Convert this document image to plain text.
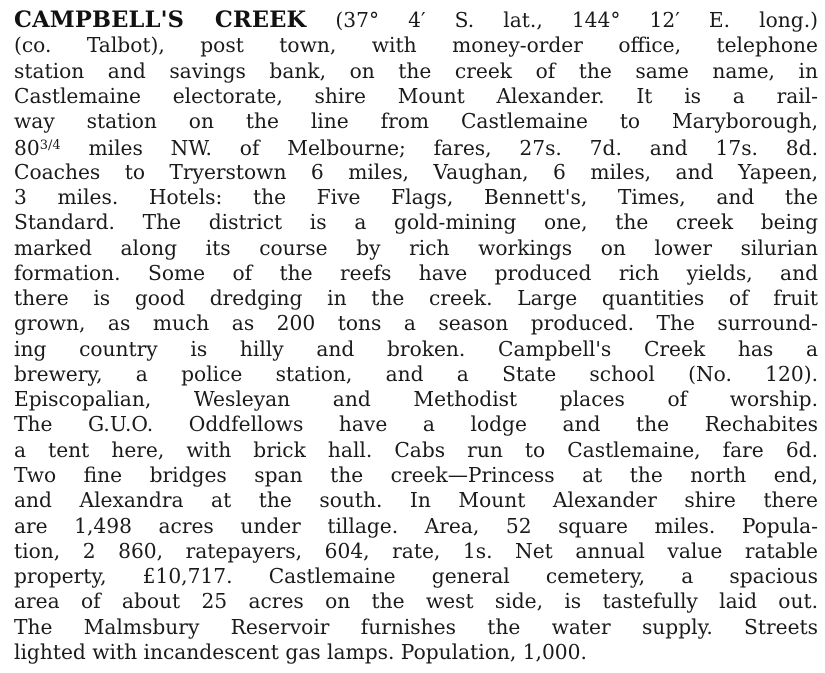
CAMPBELL'S CREEK (37° 4′ S. lat., 144° 12′ E. long.)
(co. Talbot), post town, with money-order office, telephone
station and savings bank, on the creek of the same name, in
Castlemaine electorate, shire Mount Alexander. It is a rail-
way station on the line from Castlemaine to Maryborough,
$80^{3/4}$ miles NW. of Melbourne; fares, 27s. 7d. and 17s. 8d.
Coaches to Tryerstown 6 miles, Vaughan, 6 miles, and Yapeen,
3 miles. Hotels: the Five Flags, Bennett's, Times, and the
Standard. The district is a gold-mining one, the creek being
marked along its course by rich workings on lower silurian
formation. Some of the reefs have produced rich yields, and
there is good dredging in the creek. Large quantities of fruit
grown, as much as 200 tons a season produced. The surround-
ing country is hilly and broken. Campbell's Creek has a
brewery, a police station, and a State school (No. 120).
Episcopalian, Wesleyan and Methodist places of worship.
The G.U.O. Oddfellows have a lodge and the Rechabites
a tent here, with brick hall. Cabs run to Castlemaine, fare 6d.
Two fine bridges span the creek—Princess at the north end,
and Alexandra at the south. In Mount Alexander shire there
are 1,498 acres under tillage. Area, 52 square miles. Popula-
tion, 2 860, ratepayers, 604, rate, 1s. Net annual value ratable
property, £10,717. Castlemaine general cemetery, a spacious
area of about 25 acres on the west side, is tastefully laid out.
The Malmsbury Reservoir furnishes the water supply. Streets
lighted with incandescent gas lamps. Population, 1,000.
